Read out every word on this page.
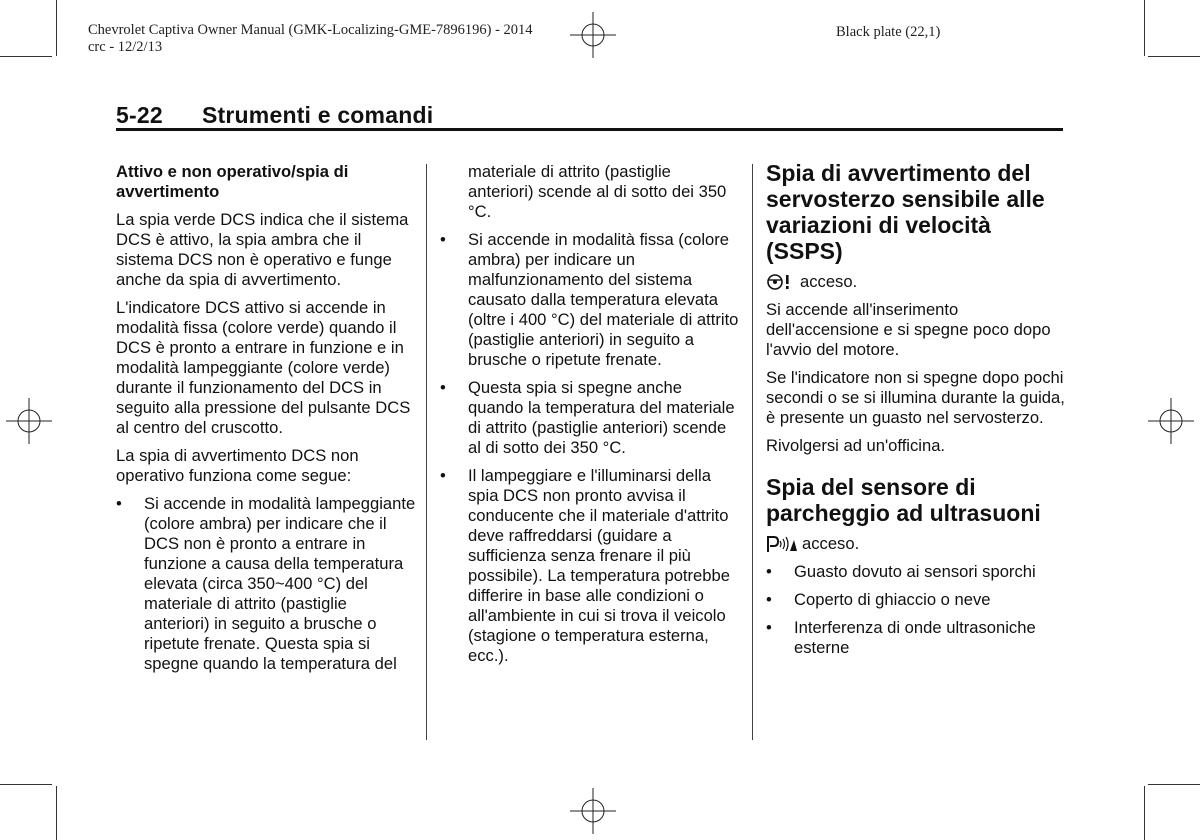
Chevrolet Captiva Owner Manual (GMK-Localizing-GME-7896196) - 2014
crc - 12/2/13
Black plate (22,1)
5-22 Strumenti e comandi

Attivo e non operativo/spia di avvertimento

La spia verde DCS indica che il sistema DCS è attivo, la spia ambra che il sistema DCS non è operativo e funge anche da spia di avvertimento.

L'indicatore DCS attivo si accende in modalità fissa (colore verde) quando il DCS è pronto a entrare in funzione e in modalità lampeggiante (colore verde) durante il funzionamento del DCS in seguito alla pressione del pulsante DCS al centro del cruscotto.

La spia di avvertimento DCS non operativo funziona come segue:

• Si accende in modalità lampeggiante (colore ambra) per indicare che il DCS non è pronto a entrare in funzione a causa della temperatura elevata (circa 350~400 °C) del materiale di attrito (pastiglie anteriori) in seguito a brusche o ripetute frenate. Questa spia si spegne quando la temperatura del
materiale di attrito (pastiglie anteriori) scende al di sotto dei 350 °C.
• Si accende in modalità fissa (colore ambra) per indicare un malfunzionamento del sistema causato dalla temperatura elevata (oltre i 400 °C) del materiale di attrito (pastiglie anteriori) in seguito a brusche o ripetute frenate.
• Questa spia si spegne anche quando la temperatura del materiale di attrito (pastiglie anteriori) scende al di sotto dei 350 °C.
• Il lampeggiare e l'illuminarsi della spia DCS non pronto avvisa il conducente che il materiale d'attrito deve raffreddarsi (guidare a sufficienza senza frenare il più possibile). La temperatura potrebbe differire in base alle condizioni o all'ambiente in cui si trova il veicolo (stagione o temperatura esterna, ecc.).
Spia di avvertimento del servosterzo sensibile alle variazioni di velocità (SSPS)
acceso.

Si accende all'inserimento dell'accensione e si spegne poco dopo l'avvio del motore.

Se l'indicatore non si spegne dopo pochi secondi o se si illumina durante la guida, è presente un guasto nel servosterzo.

Rivolgersi ad un'officina.

Spia del sensore di parcheggio ad ultrasuoni
acceso.
• Guasto dovuto ai sensori sporchi
• Coperto di ghiaccio o neve
• Interferenza di onde ultrasoniche esterne
